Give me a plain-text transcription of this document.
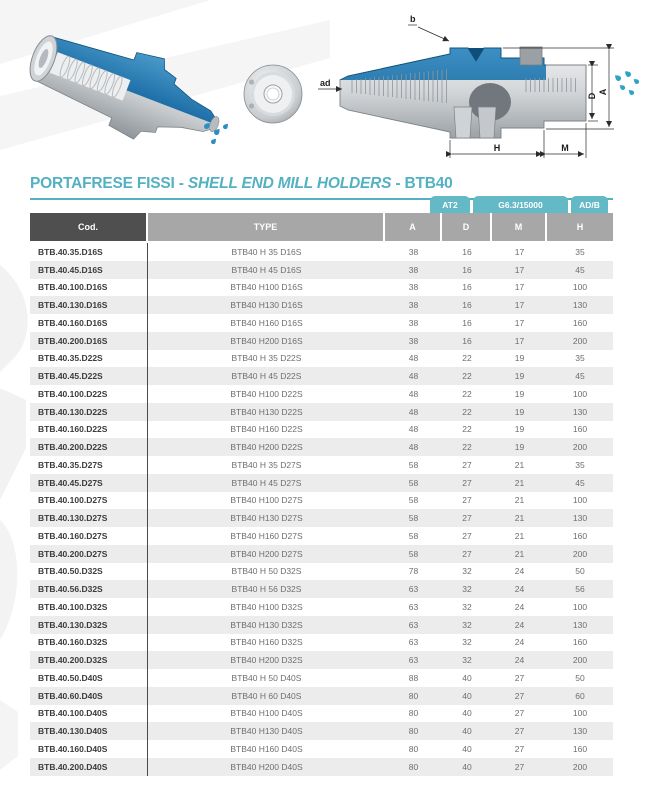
b
ad
D
A
H	M
PORTAFRESE FISSI - SHELL END MILL HOLDERS - BTB40
AT2	G6.3/15000	AD/B
Cod.	TYPE	A	D	M	H
BTB.40.35.D16S	BTB40 H 35 D16S	38	16	17	35
BTB.40.45.D16S	BTB40 H 45 D16S	38	16	17	45
BTB.40.100.D16S	BTB40 H100 D16S	38	16	17	100
BTB.40.130.D16S	BTB40 H130 D16S	38	16	17	130
BTB.40.160.D16S	BTB40 H160 D16S	38	16	17	160
BTB.40.200.D16S	BTB40 H200 D16S	38	16	17	200
BTB.40.35.D22S	BTB40 H 35 D22S	48	22	19	35
BTB.40.45.D22S	BTB40 H 45 D22S	48	22	19	45
BTB.40.100.D22S	BTB40 H100 D22S	48	22	19	100
BTB.40.130.D22S	BTB40 H130 D22S	48	22	19	130
BTB.40.160.D22S	BTB40 H160 D22S	48	22	19	160
BTB.40.200.D22S	BTB40 H200 D22S	48	22	19	200
BTB.40.35.D27S	BTB40 H 35 D27S	58	27	21	35
BTB.40.45.D27S	BTB40 H 45 D27S	58	27	21	45
BTB.40.100.D27S	BTB40 H100 D27S	58	27	21	100
BTB.40.130.D27S	BTB40 H130 D27S	58	27	21	130
BTB.40.160.D27S	BTB40 H160 D27S	58	27	21	160
BTB.40.200.D27S	BTB40 H200 D27S	58	27	21	200
BTB.40.50.D32S	BTB40 H 50 D32S	78	32	24	50
BTB.40.56.D32S	BTB40 H 56 D32S	63	32	24	56
BTB.40.100.D32S	BTB40 H100 D32S	63	32	24	100
BTB.40.130.D32S	BTB40 H130 D32S	63	32	24	130
BTB.40.160.D32S	BTB40 H160 D32S	63	32	24	160
BTB.40.200.D32S	BTB40 H200 D32S	63	32	24	200
BTB.40.50.D40S	BTB40 H 50 D40S	88	40	27	50
BTB.40.60.D40S	BTB40 H 60 D40S	80	40	27	60
BTB.40.100.D40S	BTB40 H100 D40S	80	40	27	100
BTB.40.130.D40S	BTB40 H130 D40S	80	40	27	130
BTB.40.160.D40S	BTB40 H160 D40S	80	40	27	160
BTB.40.200.D40S	BTB40 H200 D40S	80	40	27	200
